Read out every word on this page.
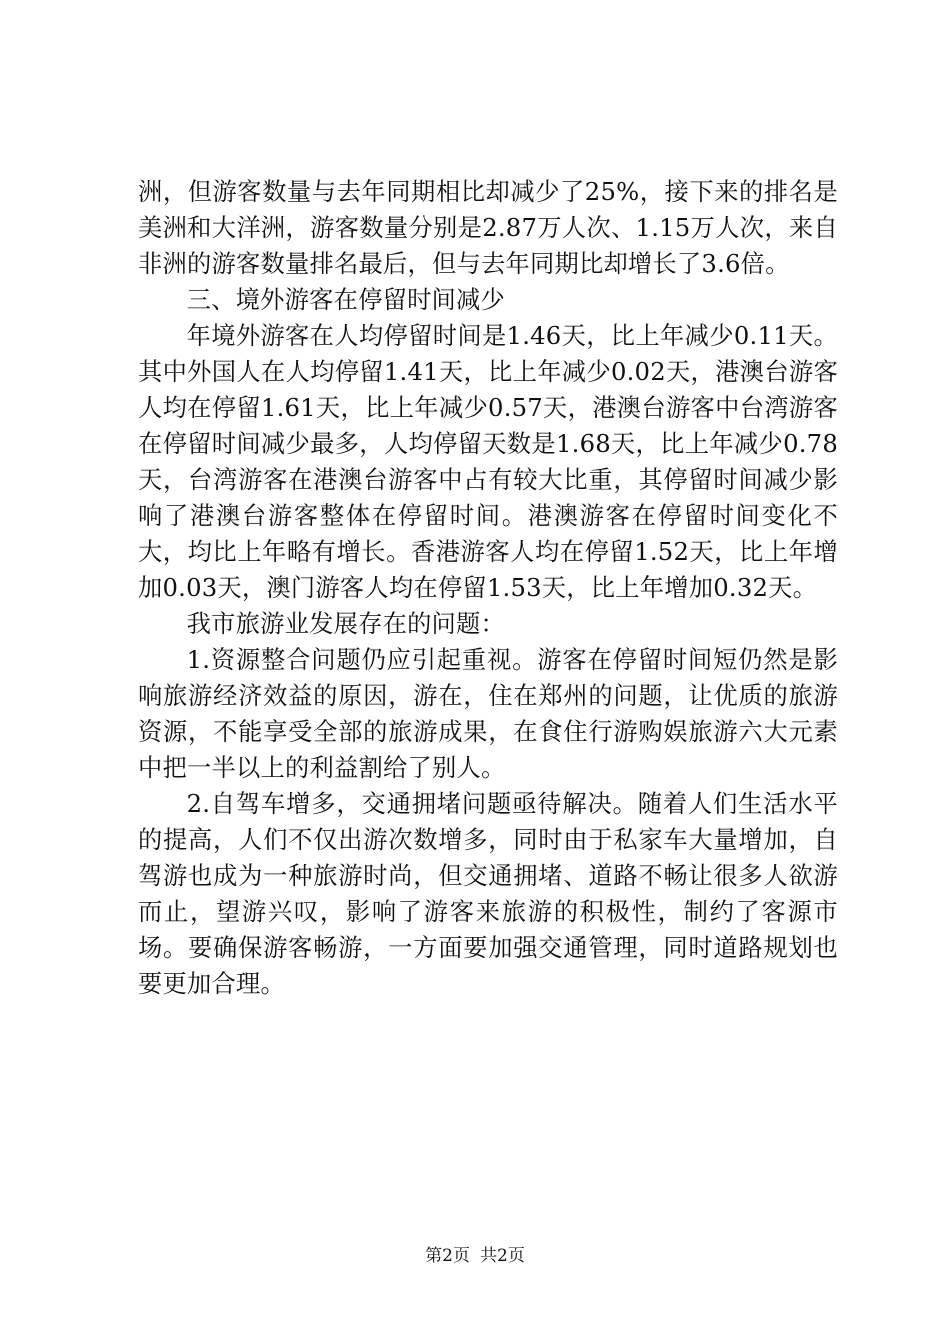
洲，但游客数量与去年同期相比却减少了25%，接下来的排名是美洲和大洋洲，游客数量分别是2.87万人次、1.15万人次，来自非洲的游客数量排名最后，但与去年同期比却增长了3.6倍。

三、境外游客在停留时间减少

年境外游客在人均停留时间是1.46天，比上年减少0.11天。其中外国人在人均停留1.41天，比上年减少0.02天，港澳台游客人均在停留1.61天，比上年减少0.57天，港澳台游客中台湾游客在停留时间减少最多，人均停留天数是1.68天，比上年减少0.78天，台湾游客在港澳台游客中占有较大比重，其停留时间减少影响了港澳台游客整体在停留时间。港澳游客在停留时间变化不大，均比上年略有增长。香港游客人均在停留1.52天，比上年增加0.03天，澳门游客人均在停留1.53天，比上年增加0.32天。

我市旅游业发展存在的问题：

1.资源整合问题仍应引起重视。游客在停留时间短仍然是影响旅游经济效益的原因，游在，住在郑州的问题，让优质的旅游资源，不能享受全部的旅游成果，在食住行游购娱旅游六大元素中把一半以上的利益割给了别人。

2.自驾车增多，交通拥堵问题亟待解决。随着人们生活水平的提高，人们不仅出游次数增多，同时由于私家车大量增加，自驾游也成为一种旅游时尚，但交通拥堵、道路不畅让很多人欲游而止，望游兴叹，影响了游客来旅游的积极性，制约了客源市场。要确保游客畅游，一方面要加强交通管理，同时道路规划也要更加合理。

第2页 共2页
